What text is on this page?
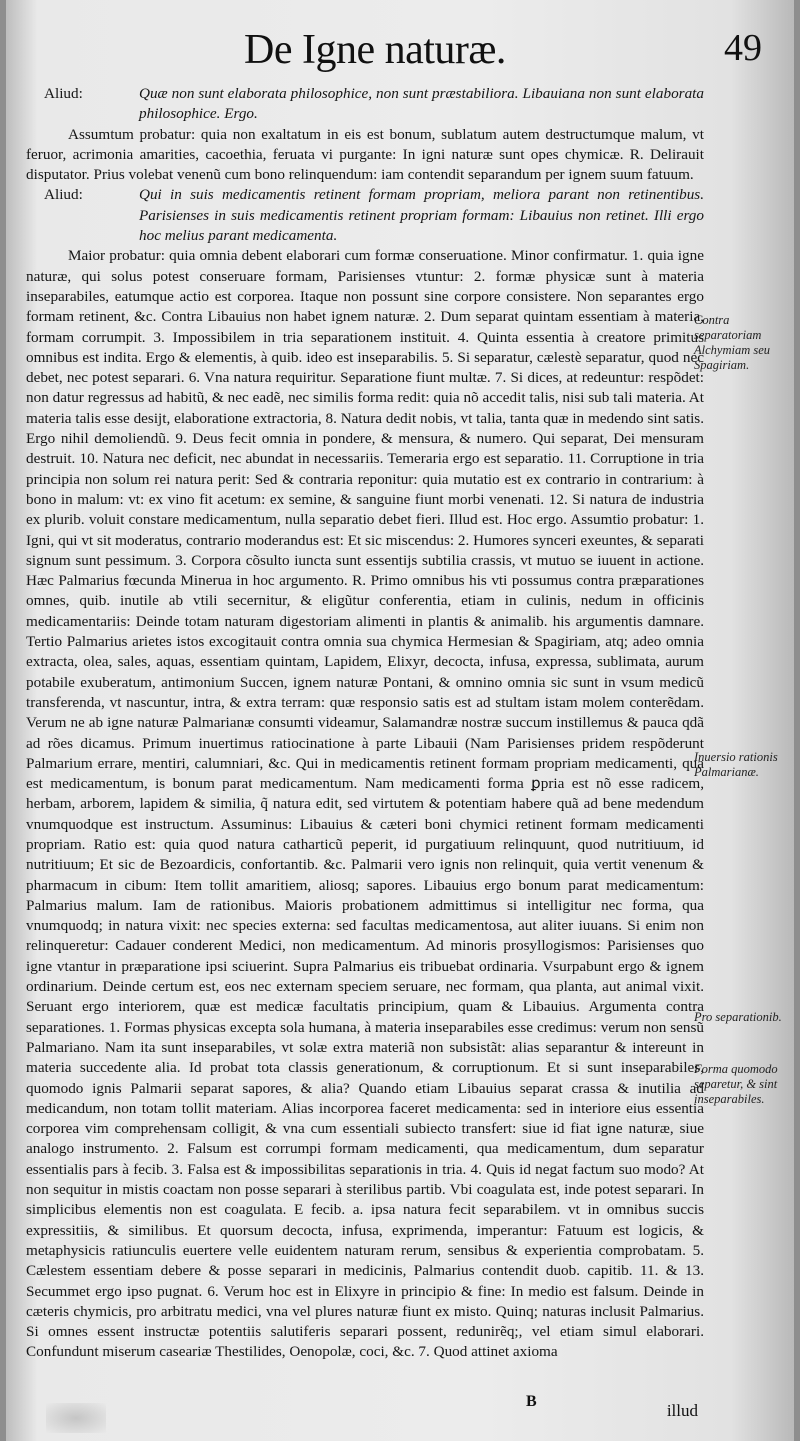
De Igne naturæ.	49
Aliud:	Quæ non sunt elaborata philosophice, non sunt præstabiliora. Libauiana non sunt elaborata philosophice. Ergo.

Assumtum probatur: quia non exaltatum in eis est bonum, sublatum autem destructumque malum, vt feruor, acrimonia amarities, cacoethia, feruata vi purgante: In igni naturæ sunt opes chymicæ. R. Delirauit disputator. Prius volebat venenũ cum bono relinquendum: iam contendit separandum per ignem suum fatuum.

Aliud:	Qui in suis medicamentis retinent formam propriam, meliora parant non retinentibus. Parisienses in suis medicamentis retinent propriam formam: Libauius non retinet. Illi ergo hoc melius parant medicamenta.

Maior probatur: quia omnia debent elaborari cum formæ conseruatione. Minor confirmatur. 1. quia igne naturæ, qui solus potest conseruare formam, Parisienses vtuntur: 2. formæ physicæ sunt à materia inseparabiles, eatumque actio est corporea. Itaque non possunt sine corpore consistere. Non separantes ergo formam retinent, &c. Contra Libauius non habet ignem naturæ. 2. Dum separat quintam essentiam à materia, formam corrumpit. 3. Impossibilem in tria separationem instituit. 4. Quinta essentia à creatore primitus omnibus est indita. Ergo & elementis, à quib. ideo est inseparabilis. 5. Si separatur, cælestè separatur, quod nec debet, nec potest separari. 6. Vna natura requiritur. Separatione fiunt multæ. 7. Si dices, at redeuntur: respõdet: non datur regressus ad habitũ, & nec eadẽ, nec similis forma redit: quia nõ accedit talis, nisi sub tali materia. At materia talis esse desijt, elaboratione extractoria, 8. Natura dedit nobis, vt talia, tanta quæ in medendo sint satis. Ergo nihil demoliendũ. 9. Deus fecit omnia in pondere, & mensura, & numero. Qui separat, Dei mensuram destruit. 10. Natura nec deficit, nec abundat in necessariis. Temeraria ergo est separatio. 11. Corruptione in tria principia non solum rei natura perit: Sed & contraria reponitur: quia mutatio est ex contrario in contrarium: à bono in malum: vt: ex vino fit acetum: ex semine, & sanguine fiunt morbi venenati. 12. Si natura de industria ex plurib. voluit constare medicamentum, nulla separatio debet fieri. Illud est. Hoc ergo. Assumtio probatur: 1. Igni, qui vt sit moderatus, contrario moderandus est: Et sic miscendus: 2. Humores synceri exeuntes, & separati signum sunt pessimum. 3. Corpora cõsulto iuncta sunt essentijs subtilia crassis, vt mutuo se iuuent in actione. Hæc Palmarius fœcunda Minerua in hoc argumento. R. Primo omnibus his vti possumus contra præparationes omnes, quib. inutile ab vtili secernitur, & eligũtur conferentia, etiam in culinis, nedum in officinis medicamentariis: Deinde totam naturam digestoriam alimenti in plantis & animalib. his argumentis damnare. Tertio Palmarius arietes istos excogitauit contra omnia sua chymica Hermesian & Spagiriam, atq; adeo omnia extracta, olea, sales, aquas, essentiam quintam, Lapidem, Elixyr, decocta, infusa, expressa, sublimata, aurum potabile exuberatum, antimonium Succen, ignem naturæ Pontani, & omnino omnia sic sunt in vsum medicũ transferenda, vt nascuntur, intra, & extra terram: quæ responsio satis est ad stultam istam molem conterẽdam. Verum ne ab igne naturæ Palmarianæ consumti videamur, Salamandræ nostræ succum instillemus & pauca qdã ad rões dicamus. Primum inuertimus ratiocinatione à parte Libauii (Nam Parisienses pridem respõderunt Palmarium errare, mentiri, calumniari, &c. Qui in medicamentis retinent formam propriam medicamenti, qua est medicamentum, is bonum parat medicamentum. Nam medicamenti forma ꝑpria est nõ esse radicem, herbam, arborem, lapidem & similia, q̃ natura edit, sed virtutem & potentiam habere quã ad bene medendum vnumquodque est instructum. Assuminus: Libauius & cæteri boni chymici retinent formam medicamenti propriam. Ratio est: quia quod natura catharticũ peperit, id purgatiuum relinquunt, quod nutritiuum, id nutritiuum; Et sic de Bezoardicis, confortantib. &c. Palmarii vero ignis non relinquit, quia vertit venenum & pharmacum in cibum: Item tollit amaritiem, aliosq; sapores. Libauius ergo bonum parat medicamentum: Palmarius malum. Iam de rationibus. Maioris probationem admittimus si intelligitur nec forma, qua vnumquodq; in natura vixit: nec species externa: sed facultas medicamentosa, aut aliter iuuans. Si enim non relinqueretur: Cadauer conderent Medici, non medicamentum. Ad minoris prosyllogismos: Parisienses quo igne vtantur in præparatione ipsi sciuerint. Supra Palmarius eis tribuebat ordinaria. Vsurpabunt ergo & ignem ordinarium. Deinde certum est, eos nec externam speciem seruare, nec formam, qua planta, aut animal vixit. Seruant ergo interiorem, quæ est medicæ facultatis principium, quam & Libauius. Argumenta contra separationes. 1. Formas physicas excepta sola humana, à materia inseparabiles esse credimus: verum non sensũ Palmariano. Nam ita sunt inseparabiles, vt solæ extra materiã non subsistãt: alias separantur & intereunt in materia succedente alia. Id probat tota classis generationum, & corruptionum. Et si sunt inseparabiles, quomodo ignis Palmarii separat sapores, & alia? Quando etiam Libauius separat crassa & inutilia ad medicandum, non totam tollit materiam. Alias incorporea faceret medicamenta: sed in interiore eius essentia corporea vim comprehensam colligit, & vna cum essentiali subiecto transfert: siue id fiat igne naturæ, siue analogo instrumento. 2. Falsum est corrumpi formam medicamenti, qua medicamentum, dum separatur essentialis pars à fecib. 3. Falsa est & impossibilitas separationis in tria. 4. Quis id negat factum suo modo? At non sequitur in mistis coactam non posse separari à sterilibus partib. Vbi coagulata est, inde potest separari. In simplicibus elementis non est coagulata. E fecib. a. ipsa natura fecit separabilem. vt in omnibus succis expressitiis, & similibus. Et quorsum decocta, infusa, exprimenda, imperantur: Fatuum est logicis, & metaphysicis ratiunculis euertere velle euidentem naturam rerum, sensibus & experientia comprobatam. 5. Cælestem essentiam debere & posse separari in medicinis, Palmarius contendit duob. capitib. 11. & 13. Secummet ergo ipso pugnat. 6. Verum hoc est in Elixyre in principio & fine: In medio est falsum. Deinde in cæteris chymicis, pro arbitratu medici, vna vel plures naturæ fiunt ex misto. Quinq; naturas inclusit Palmarius. Si omnes essent instructæ potentiis salutiferis separari possent, redunirẽq;, vel etiam simul elaborari. Confundunt miserum caseariæ Thestilides, Oenopolæ, coci, &c. 7. Quod attinet axioma

Contra separatoriam Alchymiam seu Spagiriam.
Inuersio rationis Palmarianæ.
Pro separationib.
Forma quomodo separetur, & sint inseparabiles.
B	illud
